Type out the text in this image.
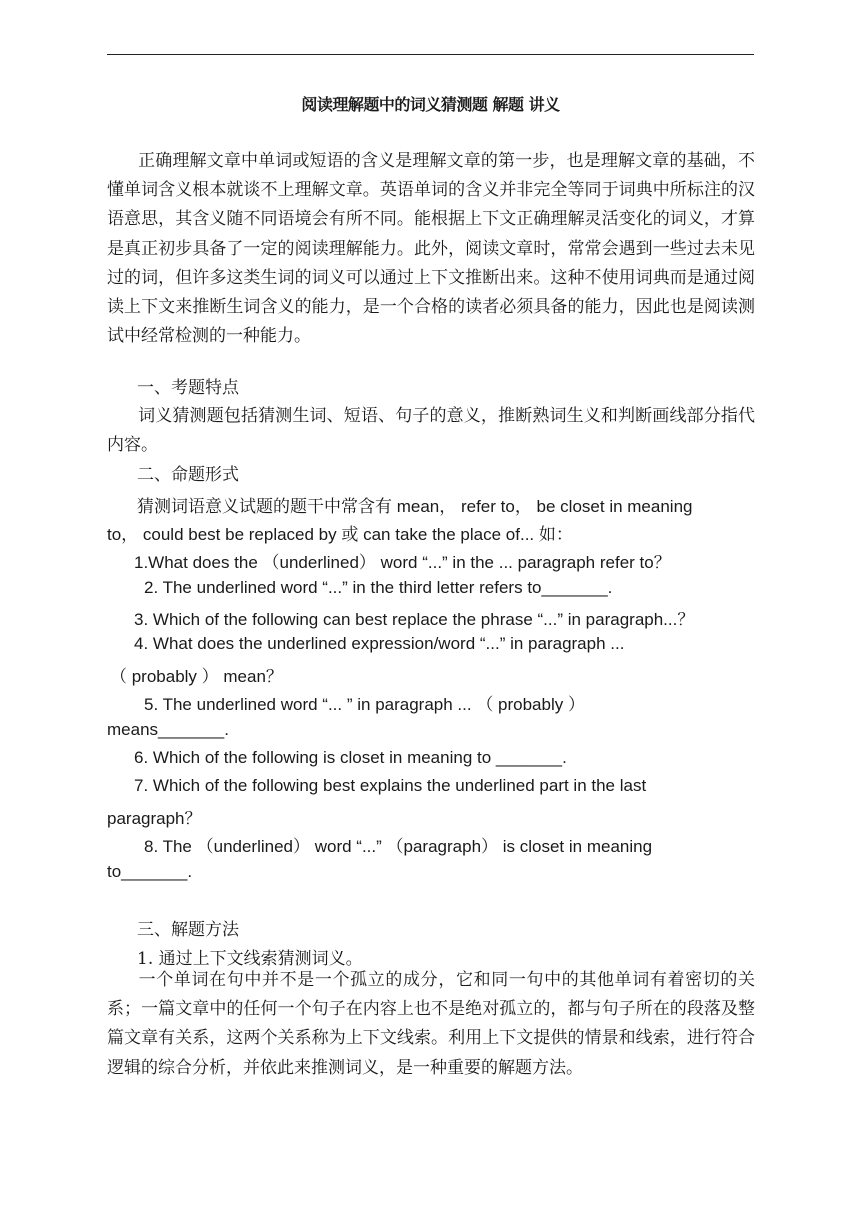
阅读理解题中的词义猜测题 解题 讲义

正确理解文章中单词或短语的含义是理解文章的第一步，也是理解文章的基础，不懂单词含义根本就谈不上理解文章。英语单词的含义并非完全等同于词典中所标注的汉语意思，其含义随不同语境会有所不同。能根据上下文正确理解灵活变化的词义，才算是真正初步具备了一定的阅读理解能力。此外，阅读文章时，常常会遇到一些过去未见过的词，但许多这类生词的词义可以通过上下文推断出来。这种不使用词典而是通过阅读上下文来推断生词含义的能力，是一个合格的读者必须具备的能力，因此也是阅读测试中经常检测的一种能力。

一、考题特点

词义猜测题包括猜测生词、短语、句子的意义，推断熟词生义和判断画线部分指代内容。

二、命题形式

猜测词语意义试题的题干中常含有 mean， refer to， be closet in meaning

to， could best be replaced by 或 can take the place of... 如：

1.What does the （underlined） word “...” in the ... paragraph refer to？

2. The underlined word “...” in the third letter refers to_______.

3. Which of the following can best replace the phrase “...” in paragraph...？

4. What does the underlined expression/word “...” in paragraph ...

（ probably ） mean？

5. The underlined word “... ” in paragraph ... （ probably ）

means_______.

6. Which of the following is closet in meaning to _______.

7. Which of the following best explains the underlined part in the last

paragraph？

8. The （underlined） word “...” （paragraph） is closet in meaning

to_______.

三、解题方法

1. 通过上下文线索猜测词义。

一个单词在句中并不是一个孤立的成分，它和同一句中的其他单词有着密切的关系；一篇文章中的任何一个句子在内容上也不是绝对孤立的，都与句子所在的段落及整篇文章有关系，这两个关系称为上下文线索。利用上下文提供的情景和线索，进行符合逻辑的综合分析，并依此来推测词义，是一种重要的解题方法。
